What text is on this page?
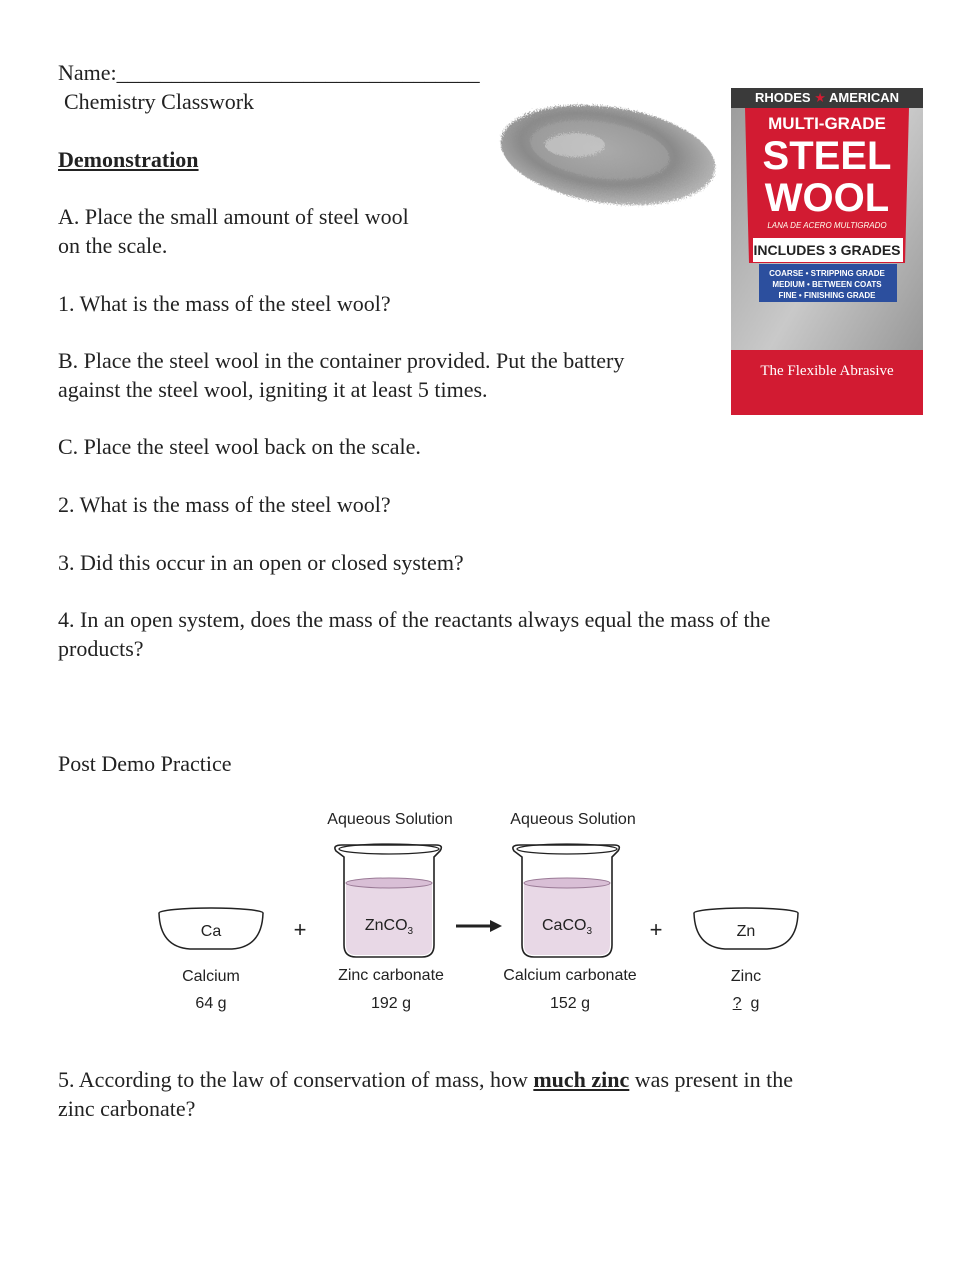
Name:_________________________________
Chemistry Classwork
Demonstration
A. Place the small amount of steel wool
on the scale.
1. What is the mass of the steel wool?
B. Place the steel wool in the container provided. Put the battery
against the steel wool, igniting it at least 5 times.
C. Place the steel wool back on the scale.
2. What is the mass of the steel wool?
3. Did this occur in an open or closed system?
4. In an open system, does the mass of the reactants always equal the mass of the
products?
RHODES ★ AMERICAN
MULTI-GRADE
STEEL
WOOL
LANA DE ACERO MULTIGRADO
INCLUDES 3 GRADES
COARSE • STRIPPING GRADE
MEDIUM • BETWEEN COATS
FINE • FINISHING GRADE
The Flexible Abrasive
Post Demo Practice
Aqueous Solution	Aqueous Solution
Ca	ZnCO$_3$	CaCO$_3$	Zn
+	+
Calcium	Zinc carbonate	Calcium carbonate	Zinc
64 g	192 g	152 g	? g
5. According to the law of conservation of mass, how much zinc was present in the
zinc carbonate?
